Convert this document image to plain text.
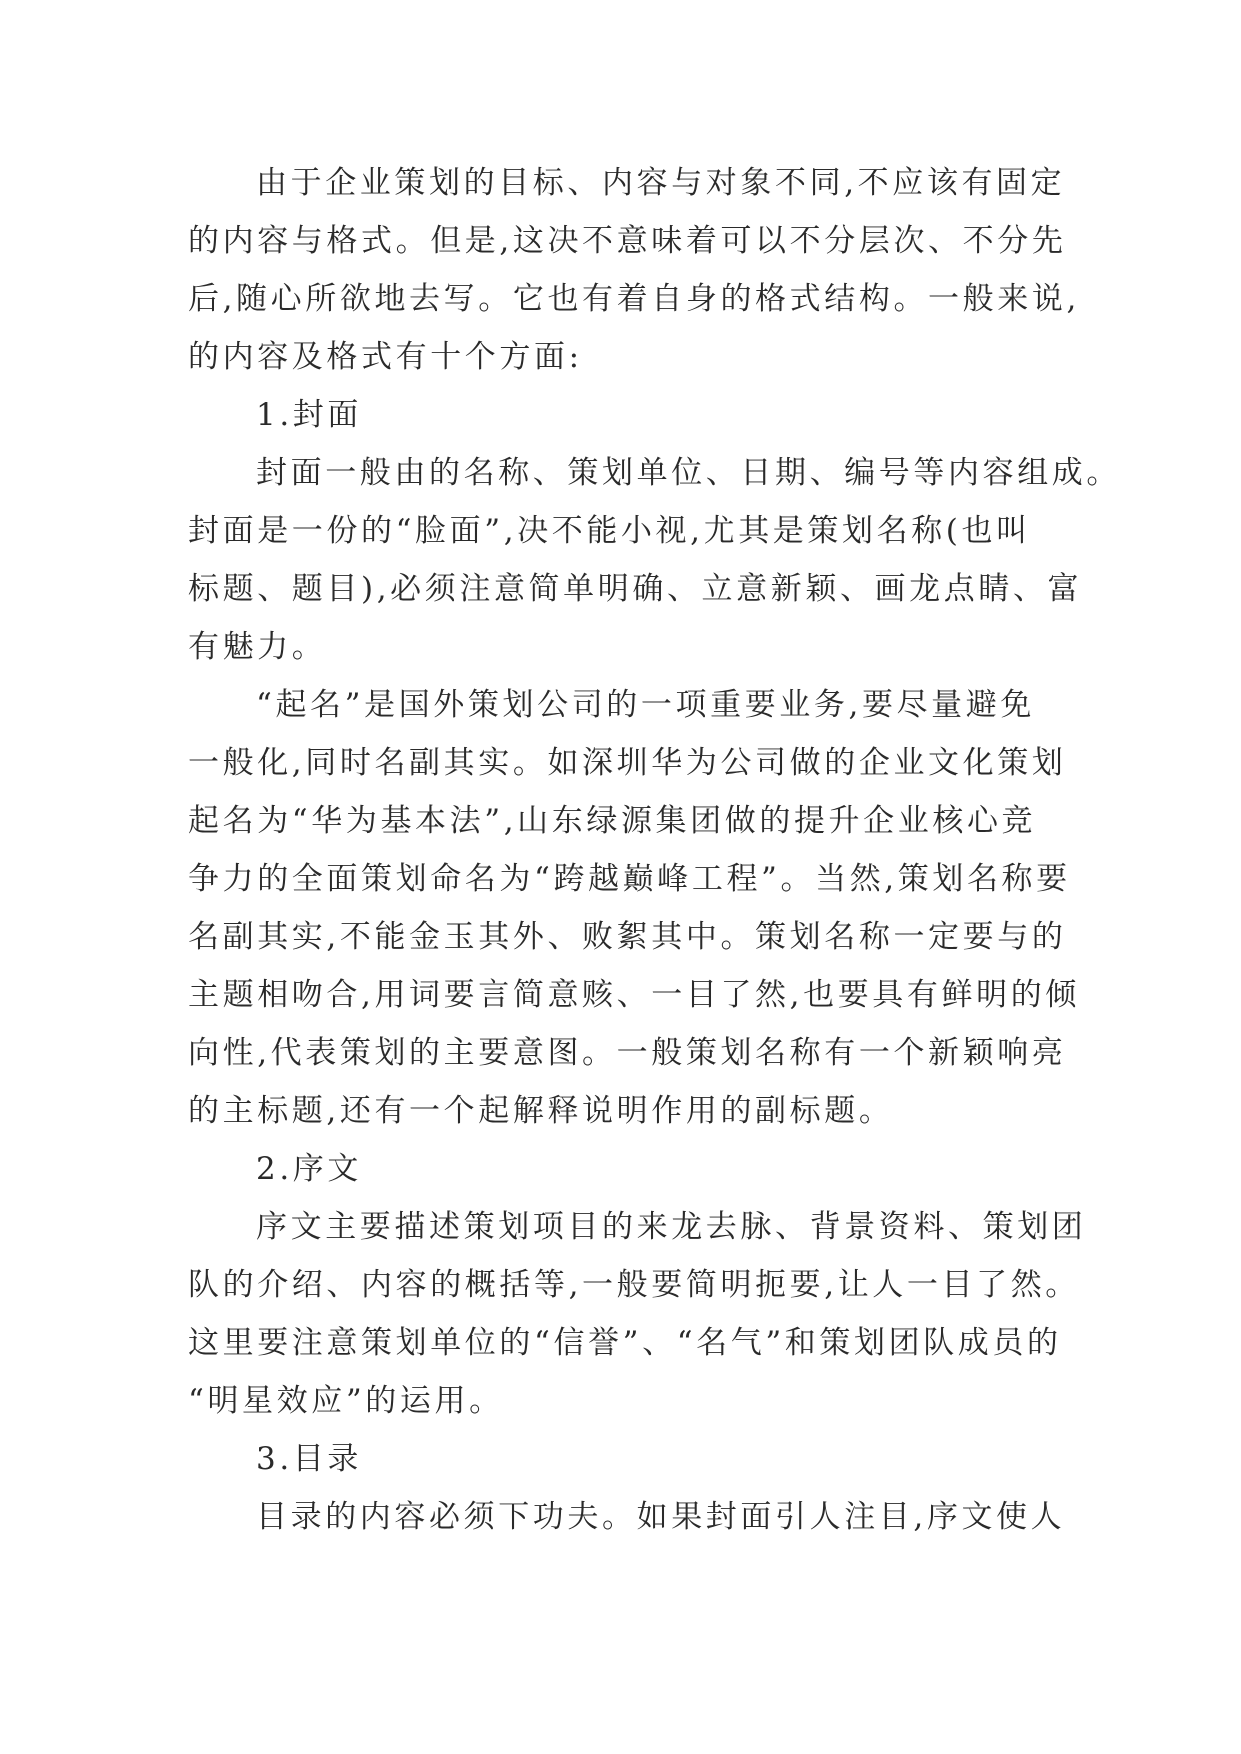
由于企业策划的目标、内容与对象不同,不应该有固定
的内容与格式。但是,这决不意味着可以不分层次、不分先
后,随心所欲地去写。它也有着自身的格式结构。一般来说,
的内容及格式有十个方面:
1.封面
封面一般由的名称、策划单位、日期、编号等内容组成。
封面是一份的“脸面”,决不能小视,尤其是策划名称(也叫
标题、题目),必须注意简单明确、立意新颖、画龙点睛、富
有魅力。
“起名”是国外策划公司的一项重要业务,要尽量避免
一般化,同时名副其实。如深圳华为公司做的企业文化策划
起名为“华为基本法”,山东绿源集团做的提升企业核心竞
争力的全面策划命名为“跨越巅峰工程”。当然,策划名称要
名副其实,不能金玉其外、败絮其中。策划名称一定要与的
主题相吻合,用词要言简意赅、一目了然,也要具有鲜明的倾
向性,代表策划的主要意图。一般策划名称有一个新颖响亮
的主标题,还有一个起解释说明作用的副标题。
2.序文
序文主要描述策划项目的来龙去脉、背景资料、策划团
队的介绍、内容的概括等,一般要简明扼要,让人一目了然。
这里要注意策划单位的“信誉”、“名气”和策划团队成员的
“明星效应”的运用。
3.目录
目录的内容必须下功夫。如果封面引人注目,序文使人
